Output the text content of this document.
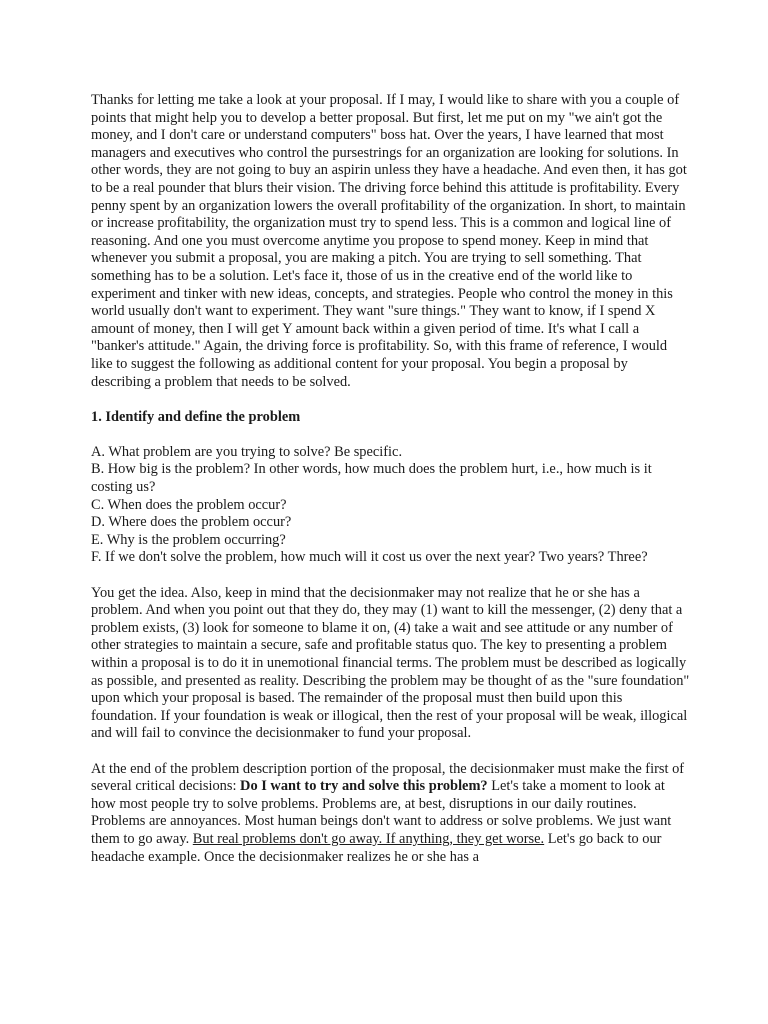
Thanks for letting me take a look at your proposal. If I may, I would like to share with you a couple of points that might help you to develop a better proposal. But first, let me put on my "we ain't got the money, and I don't care or understand computers" boss hat. Over the years, I have learned that most managers and executives who control the pursestrings for an organization are looking for solutions. In other words, they are not going to buy an aspirin unless they have a headache. And even then, it has got to be a real pounder that blurs their vision. The driving force behind this attitude is profitability. Every penny spent by an organization lowers the overall profitability of the organization. In short, to maintain or increase profitability, the organization must try to spend less. This is a common and logical line of reasoning. And one you must overcome anytime you propose to spend money. Keep in mind that whenever you submit a proposal, you are making a pitch. You are trying to sell something. That something has to be a solution. Let's face it, those of us in the creative end of the world like to experiment and tinker with new ideas, concepts, and strategies. People who control the money in this world usually don't want to experiment. They want "sure things." They want to know, if I spend X amount of money, then I will get Y amount back within a given period of time. It's what I call a "banker's attitude." Again, the driving force is profitability. So, with this frame of reference, I would like to suggest the following as additional content for your proposal. You begin a proposal by describing a problem that needs to be solved.

1. Identify and define the problem

A. What problem are you trying to solve? Be specific.

B. How big is the problem? In other words, how much does the problem hurt, i.e., how much is it costing us?

C. When does the problem occur?

D. Where does the problem occur?

E. Why is the problem occurring?

F. If we don't solve the problem, how much will it cost us over the next year? Two years? Three?

You get the idea. Also, keep in mind that the decisionmaker may not realize that he or she has a problem. And when you point out that they do, they may (1) want to kill the messenger, (2) deny that a problem exists, (3) look for someone to blame it on, (4) take a wait and see attitude or any number of other strategies to maintain a secure, safe and profitable status quo. The key to presenting a problem within a proposal is to do it in unemotional financial terms. The problem must be described as logically as possible, and presented as reality. Describing the problem may be thought of as the "sure foundation" upon which your proposal is based. The remainder of the proposal must then build upon this foundation. If your foundation is weak or illogical, then the rest of your proposal will be weak, illogical and will fail to convince the decisionmaker to fund your proposal.

At the end of the problem description portion of the proposal, the decisionmaker must make the first of several critical decisions: Do I want to try and solve this problem? Let's take a moment to look at how most people try to solve problems. Problems are, at best, disruptions in our daily routines. Problems are annoyances. Most human beings don't want to address or solve problems. We just want them to go away. But real problems don't go away. If anything, they get worse. Let's go back to our headache example. Once the decisionmaker realizes he or she has a
